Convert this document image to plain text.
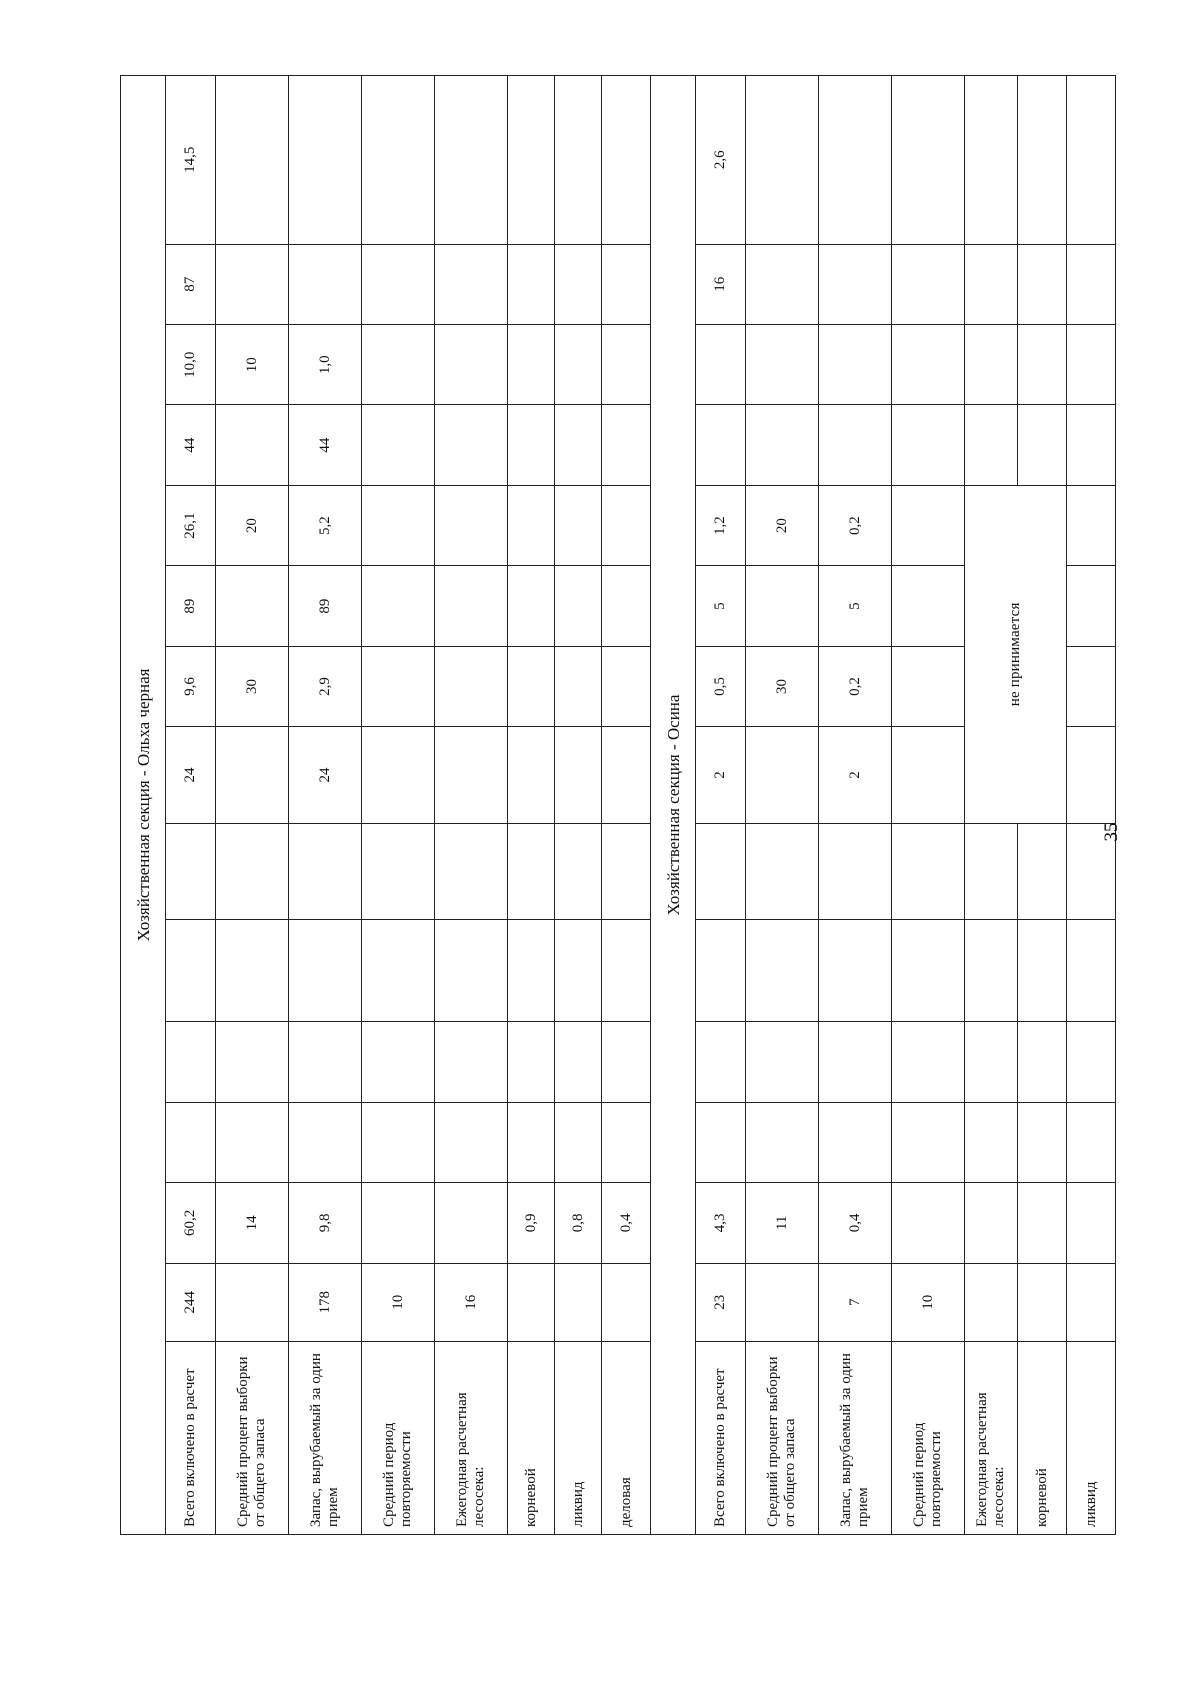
Хозяйственная секция - Ольха черная														
Всего включено в расчет	244	60,2					24	9,6	89	26,1	44	10,0	87	14,5
Средний процент выборки от общего запаса		14						30		20		10		
Запас, вырубаемый за один прием	178	9,8					24	2,9	89	5,2	44	1,0		
Средний период повторяемости	10													
Ежегодная расчетная лесосека:	16													
корневой		0,9												
ликвид		0,8												
деловая		0,4												
Хозяйственная секция - Осина														
Всего включено в расчет	23	4,3					2	0,5	5	1,2			16	2,6
Средний процент выборки от общего запаса		11						30		20				
Запас, вырубаемый за один прием	7	0,4					2	0,2	5	0,2				
Средний период повторяемости	10													
Ежегодная расчетная лесосека:							не принимается							
корневой														
ликвид														
35
